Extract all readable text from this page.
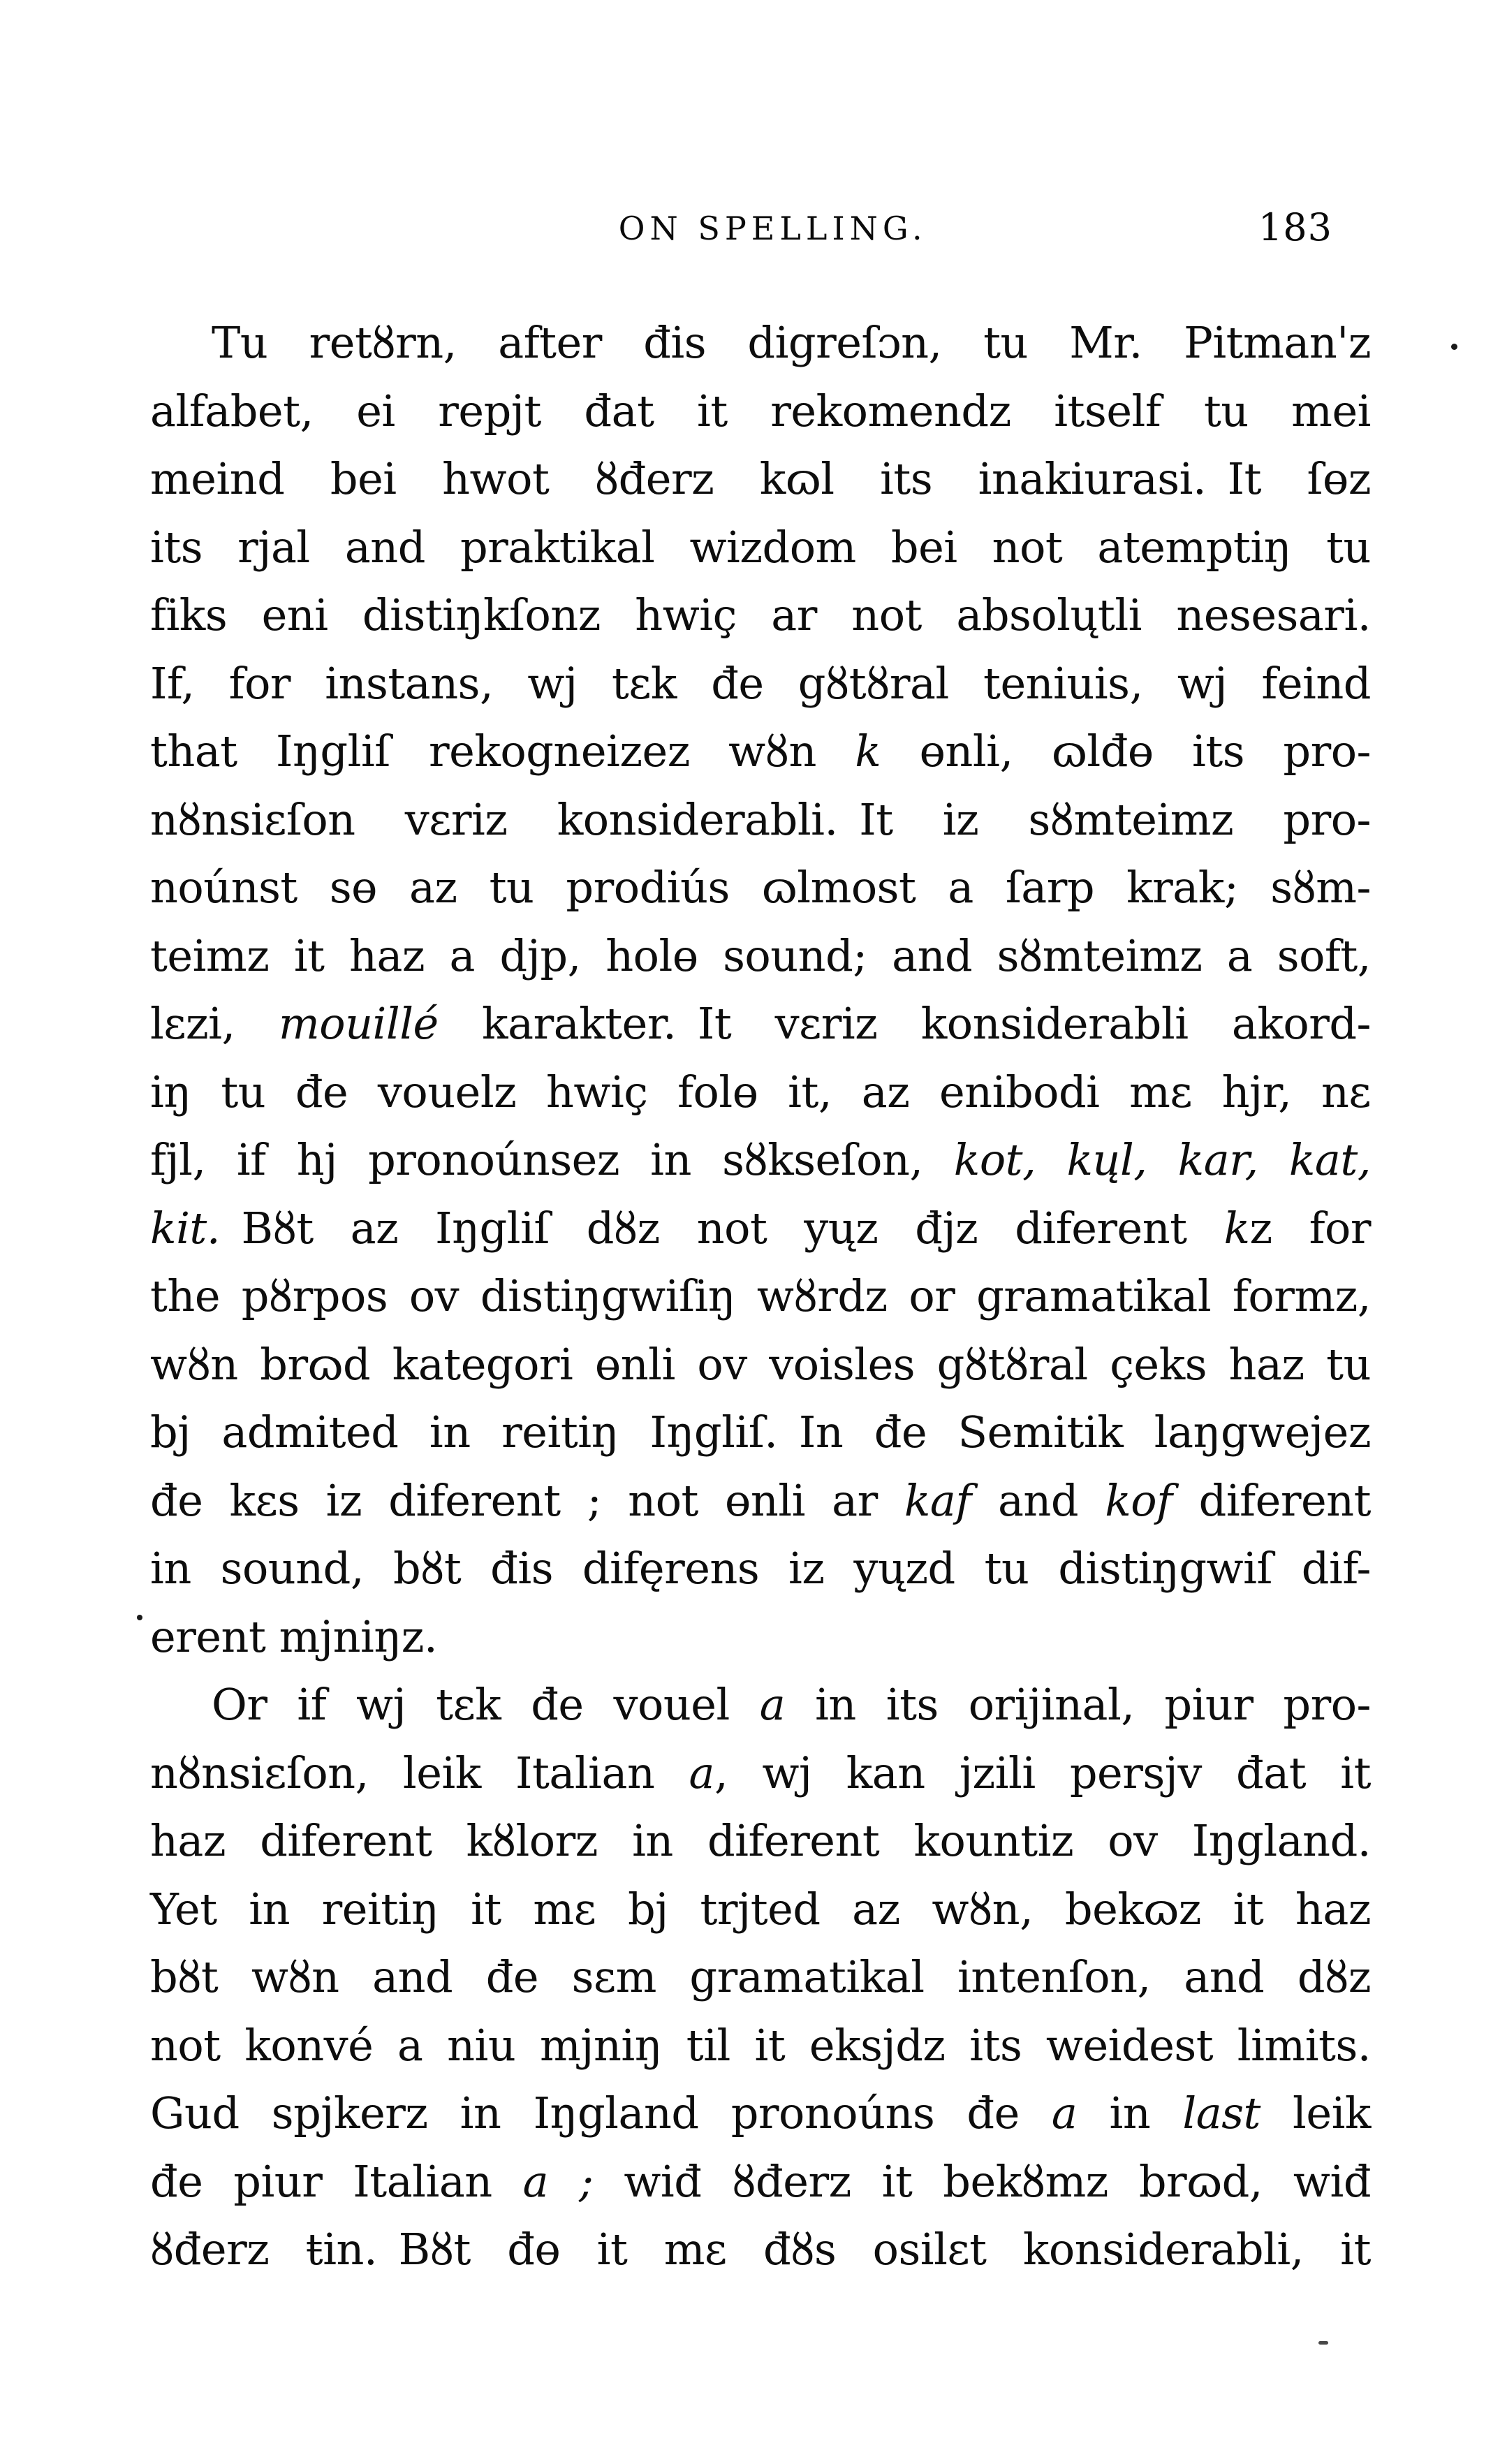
ON SPELLING.	183
Tu retȣrn, after đis digreſɔn, tu Mr. Pitman'z
alfabet, ei repjt đat it rekomendz itself tu mei
meind bei hwot ȣđerz kɷl its inakiurasi. It ſɵz
its rjal and praktikal wizdom bei not atemptiŋ tu
fiks eni distiŋkſonz hwiç ar not absolųtli nesesari.
If, for instans, wj tɛk đe gȣtȣral teniuis, wj feind
that Iŋgliſ rekogneizez wȣn k ɵnli, ɷlđɵ its pro-
nȣnsiɛſon vɛriz konsiderabli. It iz sȣmteimz pro-
noúnst sɵ az tu prodiús ɷlmost a ſarp krak; sȣm-
teimz it haz a djp, holɵ sound; and sȣmteimz a soft,
lɛzi, mouillé karakter. It vɛriz konsiderabli akord-
iŋ tu đe vouelz hwiç folɵ it, az enibodi mɛ hjr, nɛ
fjl, if hj pronoúnsez in sȣkseſon, kot, kųl, kar, kat,
kit. Bȣt az Iŋgliſ dȣz not yųz đjz diferent kz for
the pȣrpos ov distiŋgwiſiŋ wȣrdz or gramatikal formz,
wȣn brɷd kategori ɵnli ov voisles gȣtȣral çeks haz tu
bj admited in reitiŋ Iŋgliſ. In đe Semitik laŋgwejez
đe kɛs iz diferent ; not ɵnli ar kaf and kof diferent
in sound, bȣt đis difęrens iz yųzd tu distiŋgwiſ dif-
erent mjniŋz.
Or if wj tɛk đe vouel a in its orijinal, piur pro-
nȣnsiɛſon, leik Italian a, wj kan jzili persjv đat it
haz diferent kȣlorz in diferent kountiz ov Iŋgland.
Yet in reitiŋ it mɛ bj trjted az wȣn, bekɷz it haz
bȣt wȣn and đe sɛm gramatikal intenſon, and dȣz
not konvé a niu mjniŋ til it eksjdz its weidest limits.
Gud spjkerz in Iŋgland pronoúns đe a in last leik
đe piur Italian a ; wiđ ȣđerz it bekȣmz brɷd, wiđ
ȣđerz ŧin. Bȣt đɵ it mɛ đȣs osilɛt konsiderabli, it
